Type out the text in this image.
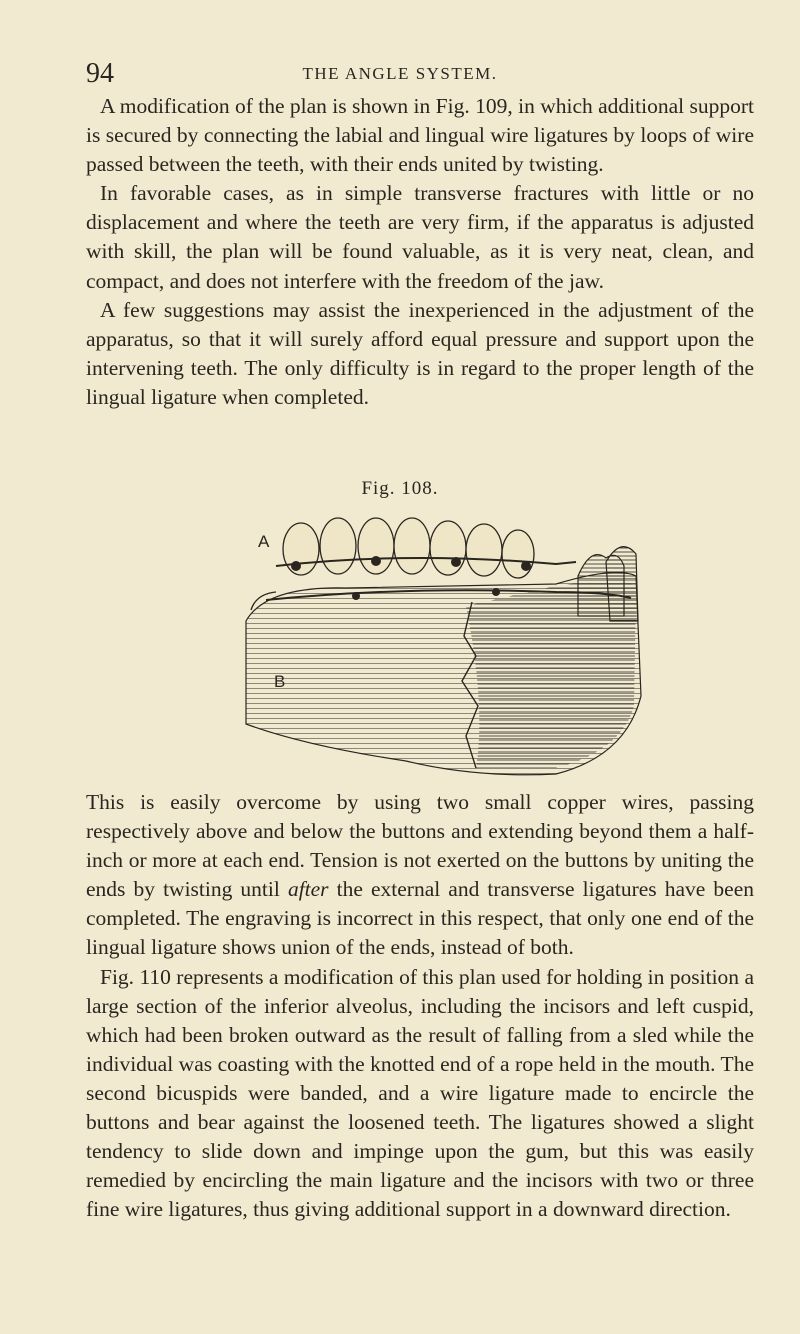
94	THE ANGLE SYSTEM.

A modification of the plan is shown in Fig. 109, in which additional support is secured by connecting the labial and lingual wire ligatures by loops of wire passed between the teeth, with their ends united by twisting.

In favorable cases, as in simple transverse fractures with little or no displacement and where the teeth are very firm, if the apparatus is adjusted with skill, the plan will be found valuable, as it is very neat, clean, and compact, and does not interfere with the freedom of the jaw.

A few suggestions may assist the inexperienced in the adjustment of the apparatus, so that it will surely afford equal pressure and support upon the intervening teeth. The only difficulty is in regard to the proper length of the lingual ligature when completed.

Fig. 108.
A
B

This is easily overcome by using two small copper wires, passing respectively above and below the buttons and extending beyond them a half-inch or more at each end. Tension is not exerted on the buttons by uniting the ends by twisting until after the external and transverse ligatures have been completed. The engraving is incorrect in this respect, that only one end of the lingual ligature shows union of the ends, instead of both.

Fig. 110 represents a modification of this plan used for holding in position a large section of the inferior alveolus, including the incisors and left cuspid, which had been broken outward as the result of falling from a sled while the individual was coasting with the knotted end of a rope held in the mouth. The second bicuspids were banded, and a wire ligature made to encircle the buttons and bear against the loosened teeth. The ligatures showed a slight tendency to slide down and impinge upon the gum, but this was easily remedied by encircling the main ligature and the incisors with two or three fine wire ligatures, thus giving additional support in a downward direction.
